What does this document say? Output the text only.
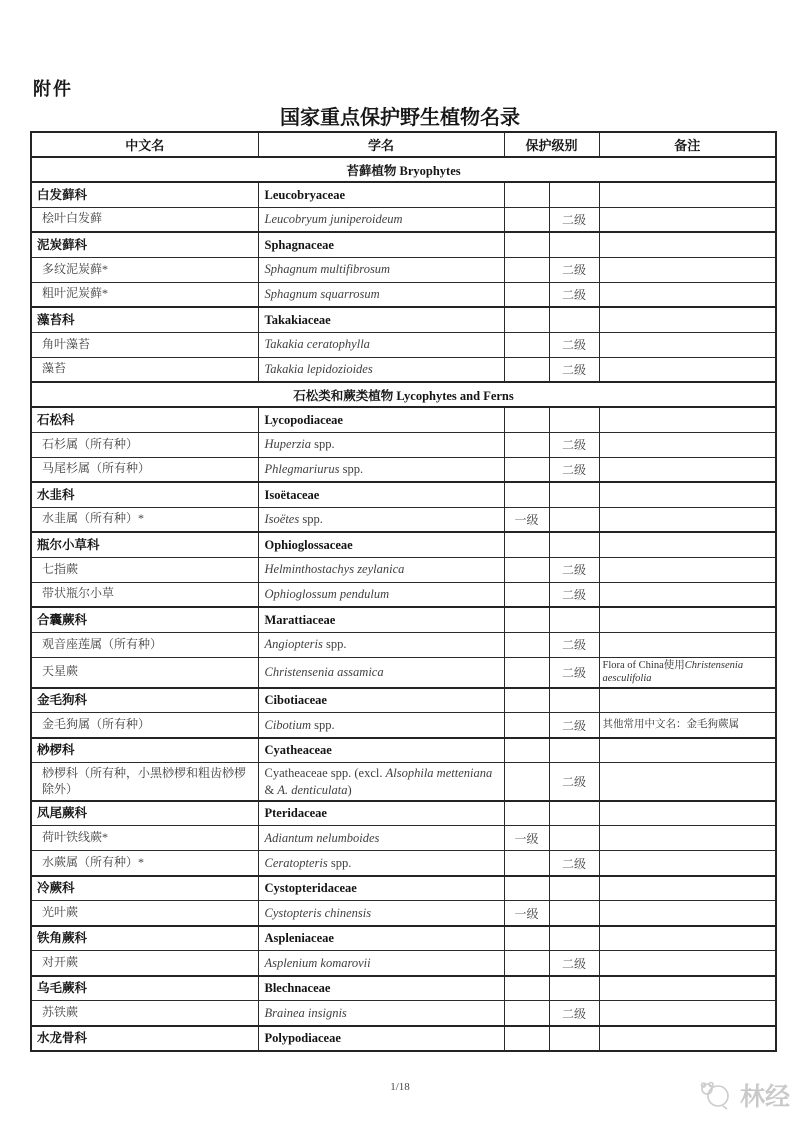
附件
国家重点保护野生植物名录
中文名	学名	保护级别		备注
苔藓植物 Bryophytes				
白发藓科	Leucobryaceae			
桧叶白发藓	Leucobryum juniperoideum		二级	
泥炭藓科	Sphagnaceae			
多纹泥炭藓*	Sphagnum multifibrosum		二级	
粗叶泥炭藓*	Sphagnum squarrosum		二级	
藻苔科	Takakiaceae			
角叶藻苔	Takakia ceratophylla		二级	
藻苔	Takakia lepidozioides		二级	
石松类和蕨类植物 Lycophytes and Ferns				
石松科	Lycopodiaceae			
石杉属（所有种）	Huperzia spp.		二级	
马尾杉属（所有种）	Phlegmariurus spp.		二级	
水韭科	Isoëtaceae			
水韭属（所有种）*	Isoëtes spp.	一级		
瓶尔小草科	Ophioglossaceae			
七指蕨	Helminthostachys zeylanica		二级	
带状瓶尔小草	Ophioglossum pendulum		二级	
合囊蕨科	Marattiaceae			
观音座莲属（所有种）	Angiopteris spp.		二级	
天星蕨	Christensenia assamica		二级	Flora of China使用Christensenia aesculifolia
金毛狗科	Cibotiaceae			
金毛狗属（所有种）	Cibotium spp.		二级	其他常用中文名：金毛狗蕨属
桫椤科	Cyatheaceae			
桫椤科（所有种，小黑桫椤和粗齿桫椤除外）	Cyatheaceae spp. (excl. Alsophila metteniana & A. denticulata)		二级	
凤尾蕨科	Pteridaceae			
荷叶铁线蕨*	Adiantum nelumboides	一级		
水蕨属（所有种）*	Ceratopteris spp.		二级	
冷蕨科	Cystopteridaceae			
光叶蕨	Cystopteris chinensis	一级		
铁角蕨科	Aspleniaceae			
对开蕨	Asplenium komarovii		二级	
乌毛蕨科	Blechnaceae			
苏铁蕨	Brainea insignis		二级	
水龙骨科	Polypodiaceae			
1/18	林经
